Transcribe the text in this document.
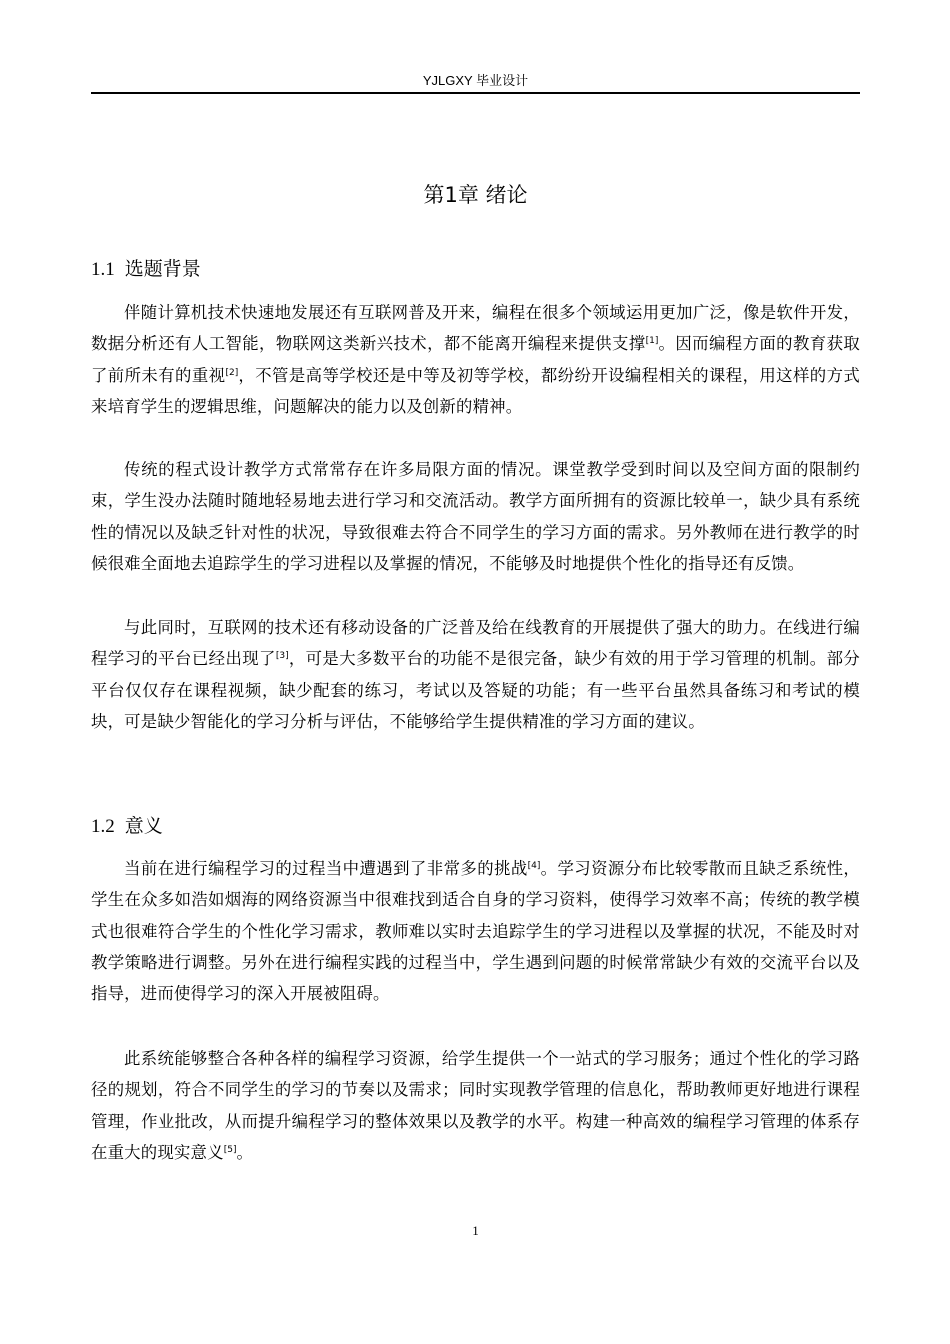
YJLGXY 毕业设计
第1章 绪论
1.1 选题背景

伴随计算机技术快速地发展还有互联网普及开来，编程在很多个领域运用更加广泛，像是软件开发，数据分析还有人工智能，物联网这类新兴技术，都不能离开编程来提供支撑[1]。因而编程方面的教育获取了前所未有的重视[2]，不管是高等学校还是中等及初等学校，都纷纷开设编程相关的课程，用这样的方式来培育学生的逻辑思维，问题解决的能力以及创新的精神。

传统的程式设计教学方式常常存在许多局限方面的情况。课堂教学受到时间以及空间方面的限制约束，学生没办法随时随地轻易地去进行学习和交流活动。教学方面所拥有的资源比较单一，缺少具有系统性的情况以及缺乏针对性的状况，导致很难去符合不同学生的学习方面的需求。另外教师在进行教学的时候很难全面地去追踪学生的学习进程以及掌握的情况，不能够及时地提供个性化的指导还有反馈。

与此同时，互联网的技术还有移动设备的广泛普及给在线教育的开展提供了强大的助力。在线进行编程学习的平台已经出现了[3]，可是大多数平台的功能不是很完备，缺少有效的用于学习管理的机制。部分平台仅仅存在课程视频，缺少配套的练习，考试以及答疑的功能；有一些平台虽然具备练习和考试的模块，可是缺少智能化的学习分析与评估，不能够给学生提供精准的学习方面的建议。

1.2 意义

当前在进行编程学习的过程当中遭遇到了非常多的挑战[4]。学习资源分布比较零散而且缺乏系统性，学生在众多如浩如烟海的网络资源当中很难找到适合自身的学习资料，使得学习效率不高；传统的教学模式也很难符合学生的个性化学习需求，教师难以实时去追踪学生的学习进程以及掌握的状况，不能及时对教学策略进行调整。另外在进行编程实践的过程当中，学生遇到问题的时候常常缺少有效的交流平台以及指导，进而使得学习的深入开展被阻碍。

此系统能够整合各种各样的编程学习资源，给学生提供一个一站式的学习服务；通过个性化的学习路径的规划，符合不同学生的学习的节奏以及需求；同时实现教学管理的信息化，帮助教师更好地进行课程管理，作业批改，从而提升编程学习的整体效果以及教学的水平。构建一种高效的编程学习管理的体系存在重大的现实意义[5]。

1
